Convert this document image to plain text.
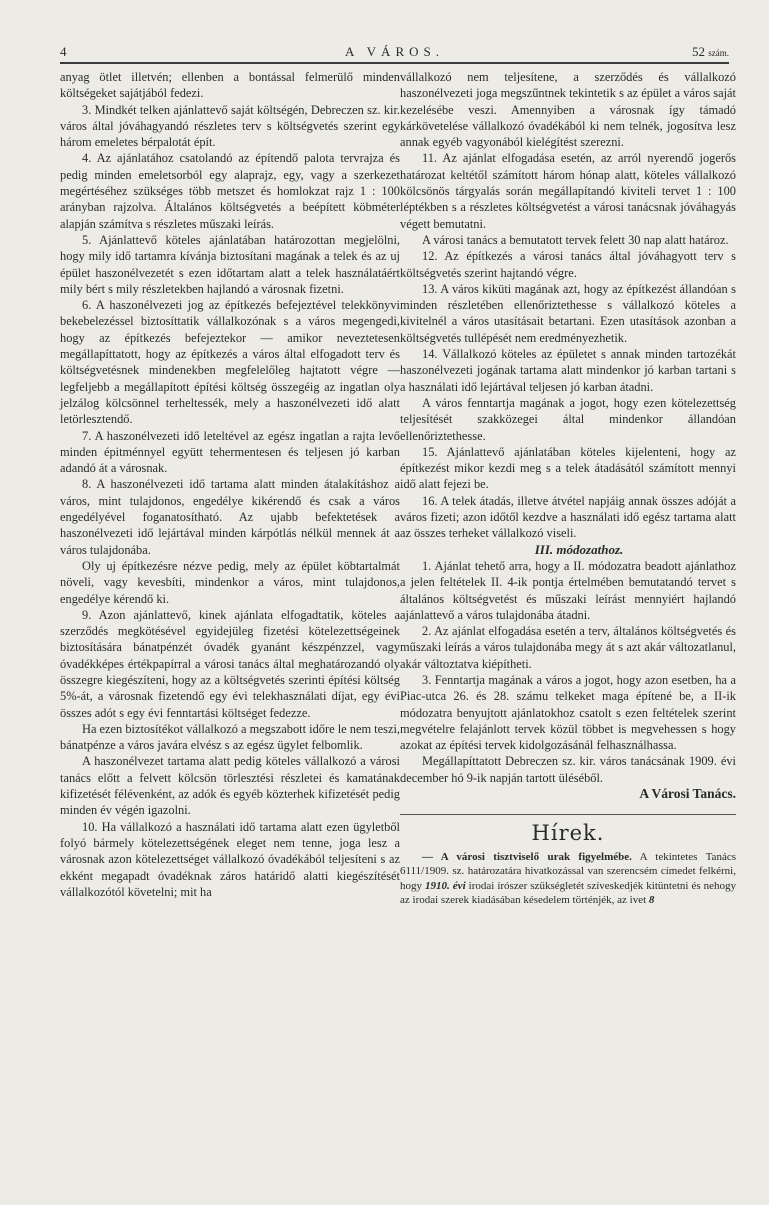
4	A VÁROS.	52 szám.

anyag ötlet illetvén; ellenben a bontással felmerülő minden költségeket sajátjából fedezi.

3. Mindkét telken ajánlattevő saját költségén, Debreczen sz. kir. város által jóváhagyandó részletes terv s költségvetés szerint egy három emeletes bérpalotát épít.

4. Az ajánlatához csatolandó az építendő palota tervrajza és pedig minden emeletsorból egy alaprajz, egy, vagy a szerkezet megértéséhez szükséges több metszet és homlokzat rajz 1 : 100 arányban rajzolva. Általános költségvetés a beépített köbméter alapján számítva s részletes műszaki leírás.

5. Ajánlattevő köteles ajánlatában határozottan megjelölni, hogy mily idő tartamra kívánja biztosítani magának a telek és az uj épület haszonélvezetét s ezen időtartam alatt a telek használatáért mily bért s mily részletekben hajlandó a városnak fizetni.

6. A haszonélvezeti jog az építkezés befejeztével telekkönyvi bekebelezéssel biztosíttatik vállalkozónak s a város megengedi, hogy az építkezés befejeztekor — amikor neveztetesen megállapíttatott, hogy az építkezés a város által elfogadott terv és költségvetésnek mindenekben megfelelőleg hajtatott végre — legfeljebb a megállapított építési költség összegéig az ingatlan oly jelzálog kölcsönnel terheltessék, mely a haszonélvezeti idő alatt letörlesztendő.

7. A haszonélvezeti idő leteltével az egész ingatlan a rajta levő minden épitménnyel együtt tehermentesen és teljesen jó karban adandó át a városnak.

8. A haszonélvezeti idő tartama alatt minden átalakításhoz a város, mint tulajdonos, engedélye kikérendő és csak a város engedélyével foganatosítható. Az ujabb befektetések a haszonélvezeti idő lejártával minden kárpótlás nélkül mennek át a város tulajdonába.

Oly uj építkezésre nézve pedig, mely az épület köbtartalmát növeli, vagy kevesbíti, mindenkor a város, mint tulajdonos, engedélye kérendő ki.

9. Azon ajánlattevő, kinek ajánlata elfogadtatik, köteles a szerződés megkötésével egyidejüleg fizetési kötelezettségeinek biztosítására bánatpénzét óvadék gyanánt készpénzzel, vagy óvadékképes értékpapírral a városi tanács által meghatározandó oly összegre kiegészíteni, hogy az a költségvetés szerinti építési költség 5%-át, a városnak fizetendő egy évi telekhasználati díjat, egy évi összes adót s egy évi fenntartási költséget fedezze.

Ha ezen biztosítékot vállalkozó a megszabott időre le nem teszi, bánatpénze a város javára elvész s az egész ügylet felbomlik.

A haszonélvezet tartama alatt pedig köteles vállalkozó a városi tanács előtt a felvett kölcsön törlesztési részletei és kamatának kifizetését félévenként, az adók és egyéb közterhek kifizetését pedig minden év végén igazolni.

10. Ha vállalkozó a használati idő tartama alatt ezen ügyletből folyó bármely kötelezettségének eleget nem tenne, joga lesz a városnak azon kötelezettséget vállalkozó óvadékából teljesíteni s az ekként megapadt óvadéknak záros határidő alatti kiegészítését vállalkozótól követelni; mit ha

vállalkozó nem teljesítene, a szerződés és vállalkozó haszonélvezeti joga megszűntnek tekintetik s az épület a város saját kezelésébe veszi. Amennyiben a városnak így támadó kárkövetelése vállalkozó óvadékából ki nem telnék, jogosítva lesz annak egyéb vagyonából kielégítést szerezni.

11. Az ajánlat elfogadása esetén, az arról nyerendő jogerős határozat keltétől számított három hónap alatt, köteles vállalkozó kölcsönös tárgyalás során megállapítandó kiviteli tervet 1 : 100 léptékben s a részletes költségvetést a városi tanácsnak jóváhagyás végett bemutatni.

A városi tanács a bemutatott tervek felett 30 nap alatt határoz.

12. Az építkezés a városi tanács által jóváhagyott terv s költségvetés szerint hajtandó végre.

13. A város kiküti magának azt, hogy az építkezést állandóan s minden részletében ellenőriztethesse s vállalkozó köteles a kivitelnél a város utasításait betartani. Ezen utasítások azonban a költségvetés tullépését nem eredményezhetik.

14. Vállalkozó köteles az épületet s annak minden tartozékát haszonélvezeti jogának tartama alatt mindenkor jó karban tartani s a használati idő lejártával teljesen jó karban átadni.

A város fenntartja magának a jogot, hogy ezen kötelezettség teljesítését szakközegei által mindenkor állandóan ellenőriztethesse.

15. Ajánlattevő ajánlatában köteles kijelenteni, hogy az építkezést mikor kezdi meg s a telek átadásától számított mennyi idő alatt fejezi be.

16. A telek átadás, illetve átvétel napjáig annak összes adóját a város fizeti; azon időtől kezdve a használati idő egész tartama alatt az összes terheket vállalkozó viseli.

III. módozathoz.

1. Ajánlat tehető arra, hogy a II. módozatra beadott ajánlathoz a jelen feltételek II. 4-ik pontja értelmében bemutatandó tervet s általános költségvetést és műszaki leírást mennyiért hajlandó ajánlattevő a város tulajdonába átadni.

2. Az ajánlat elfogadása esetén a terv, általános költségvetés és műszaki leírás a város tulajdonába megy át s azt akár változatlanul, akár változtatva kiépítheti.

3. Fenntartja magának a város a jogot, hogy azon esetben, ha a Piac-utca 26. és 28. számu telkeket maga építené be, a II-ik módozatra benyujtott ajánlatokhoz csatolt s ezen feltételek szerint megvételre felajánlott tervek közül többet is megvehessen s hogy azokat az építési tervek kidolgozásánál felhasználhassa.

Megállapíttatott Debreczen sz. kir. város tanácsának 1909. évi december hó 9-ik napján tartott üléséből.

A Városi Tanács.

Hírek.

— A városi tisztviselő urak figyelmébe. A tekintetes Tanács 6111/1909. sz. határozatára hivatkozással van szerencsém címedet felkérni, hogy 1910. évi irodai írószer szükségletét szíveskedjék kitüntetni és nehogy az irodai szerek kiadásában késedelem történjék, az ivet 8
